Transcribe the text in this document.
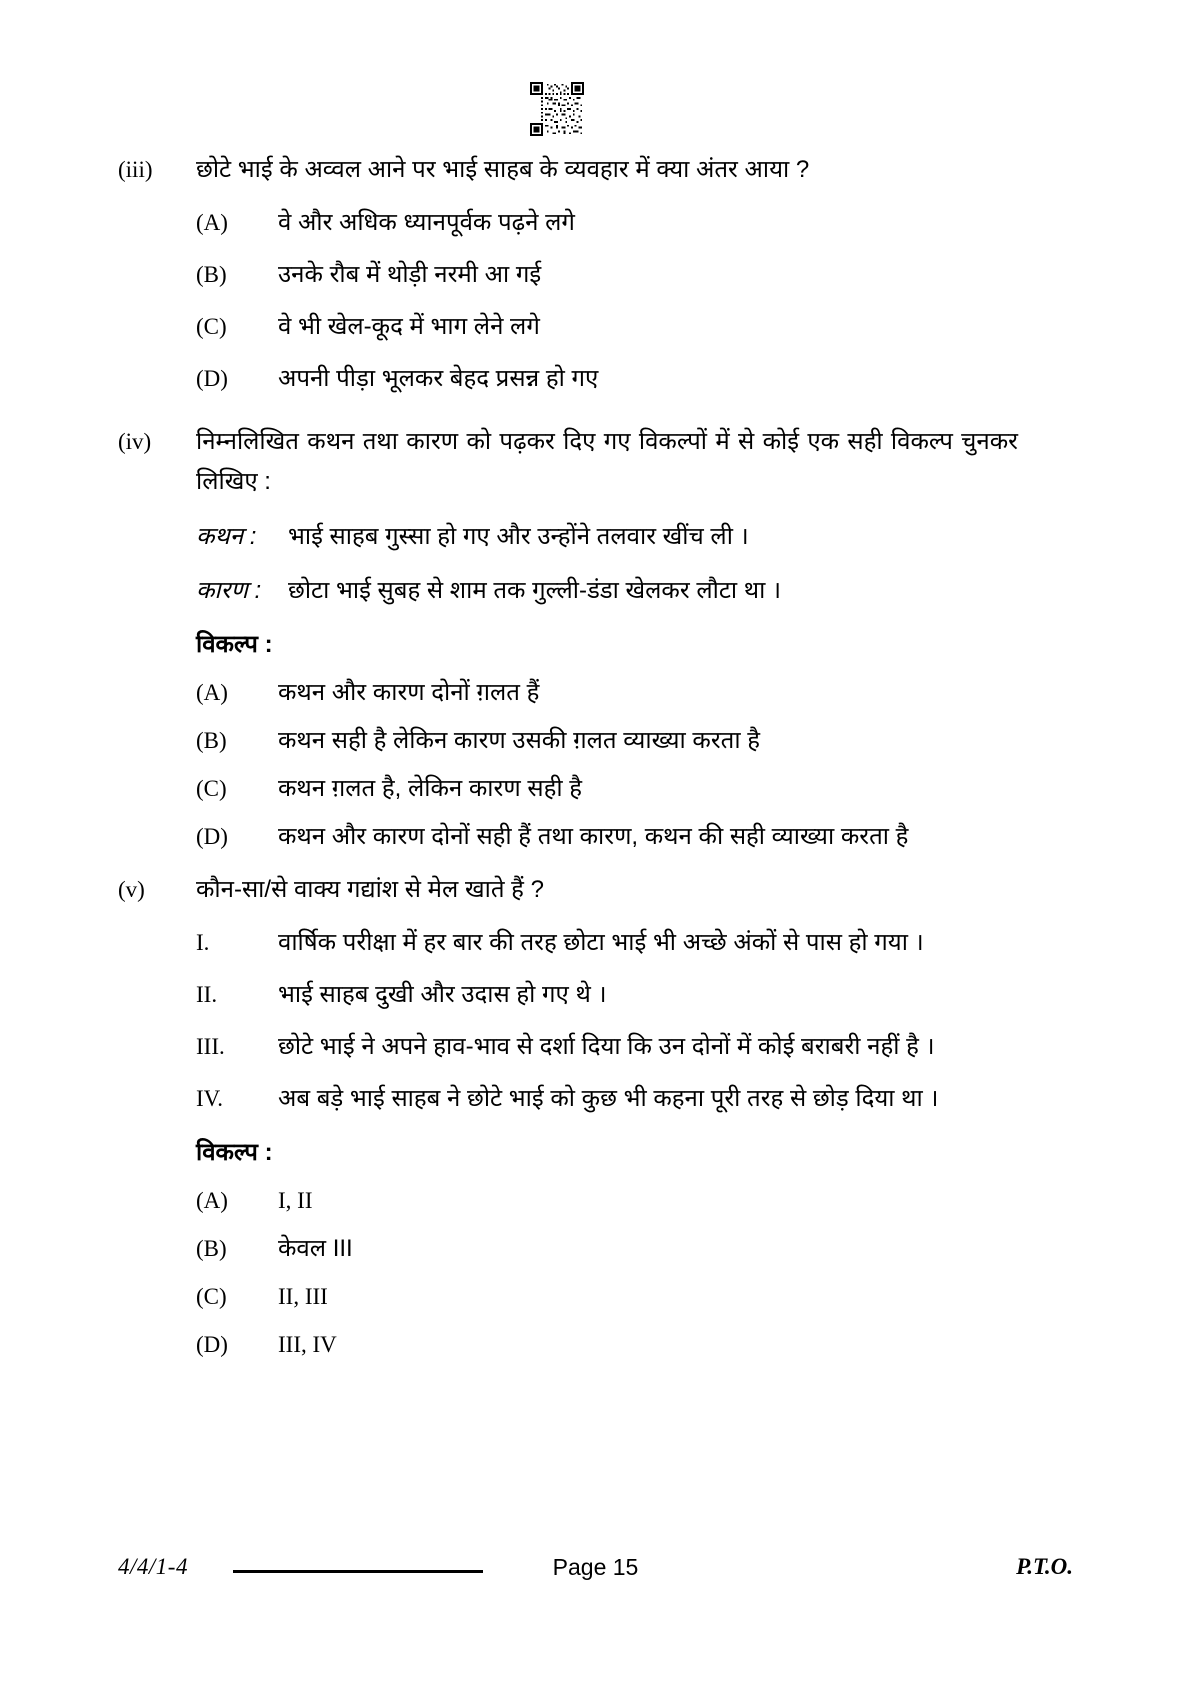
(iii)	छोटे भाई के अव्वल आने पर भाई साहब के व्यवहार में क्या अंतर आया ?
(A)	वे और अधिक ध्यानपूर्वक पढ़ने लगे
(B)	उनके रौब में थोड़ी नरमी आ गई
(C)	वे भी खेल-कूद में भाग लेने लगे
(D)	अपनी पीड़ा भूलकर बेहद प्रसन्न हो गए
(iv)	निम्नलिखित कथन तथा कारण को पढ़कर दिए गए विकल्पों में से कोई एक सही विकल्प चुनकर लिखिए :
कथन :	भाई साहब गुस्सा हो गए और उन्होंने तलवार खींच ली ।
कारण :	छोटा भाई सुबह से शाम तक गुल्ली-डंडा खेलकर लौटा था ।
विकल्प :
(A)	कथन और कारण दोनों ग़लत हैं
(B)	कथन सही है लेकिन कारण उसकी ग़लत व्याख्या करता है
(C)	कथन ग़लत है, लेकिन कारण सही है
(D)	कथन और कारण दोनों सही हैं तथा कारण, कथन की सही व्याख्या करता है
(v)	कौन-सा/से वाक्य गद्यांश से मेल खाते हैं ?
I.	वार्षिक परीक्षा में हर बार की तरह छोटा भाई भी अच्छे अंकों से पास हो गया ।
II.	भाई साहब दुखी और उदास हो गए थे ।
III.	छोटे भाई ने अपने हाव-भाव से दर्शा दिया कि उन दोनों में कोई बराबरी नहीं है ।
IV.	अब बड़े भाई साहब ने छोटे भाई को कुछ भी कहना पूरी तरह से छोड़ दिया था ।
विकल्प :
(A)	I, II
(B)	केवल III
(C)	II, III
(D)	III, IV
4/4/1-4	Page 15	P.T.O.
